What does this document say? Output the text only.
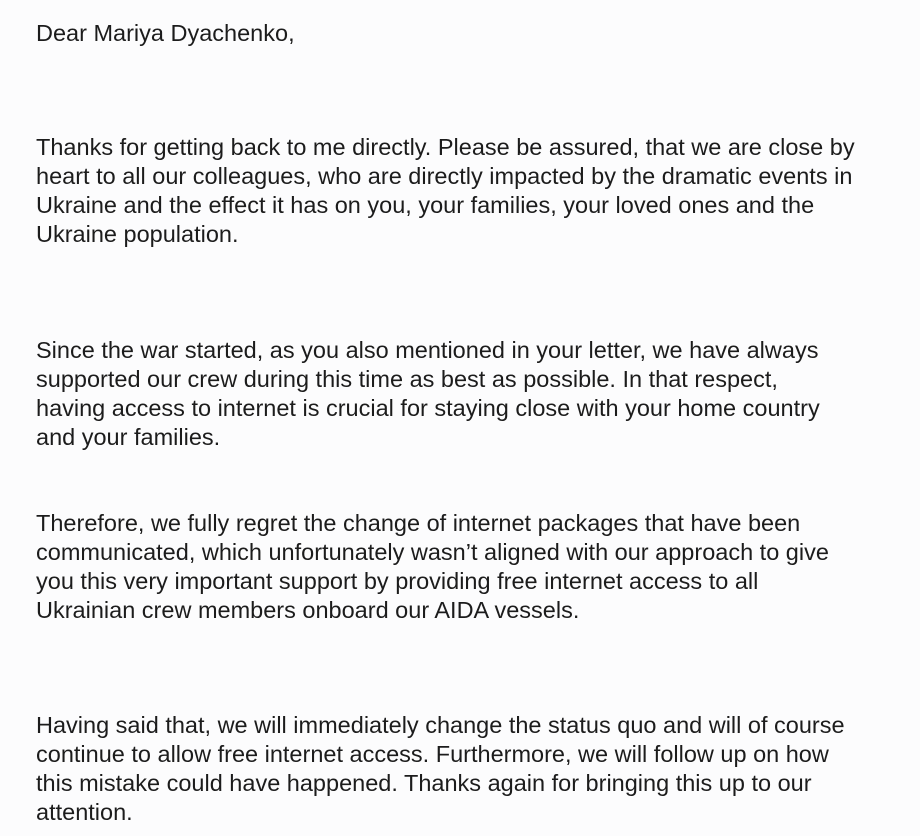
Dear Mariya Dyachenko,
Thanks for getting back to me directly. Please be assured, that we are close by
heart to all our colleagues, who are directly impacted by the dramatic events in
Ukraine and the effect it has on you, your families, your loved ones and the
Ukraine population.
Since the war started, as you also mentioned in your letter, we have always
supported our crew during this time as best as possible. In that respect,
having access to internet is crucial for staying close with your home country
and your families.
Therefore, we fully regret the change of internet packages that have been
communicated, which unfortunately wasn’t aligned with our approach to give
you this very important support by providing free internet access to all
Ukrainian crew members onboard our AIDA vessels.
Having said that, we will immediately change the status quo and will of course
continue to allow free internet access. Furthermore, we will follow up on how
this mistake could have happened. Thanks again for bringing this up to our
attention.
